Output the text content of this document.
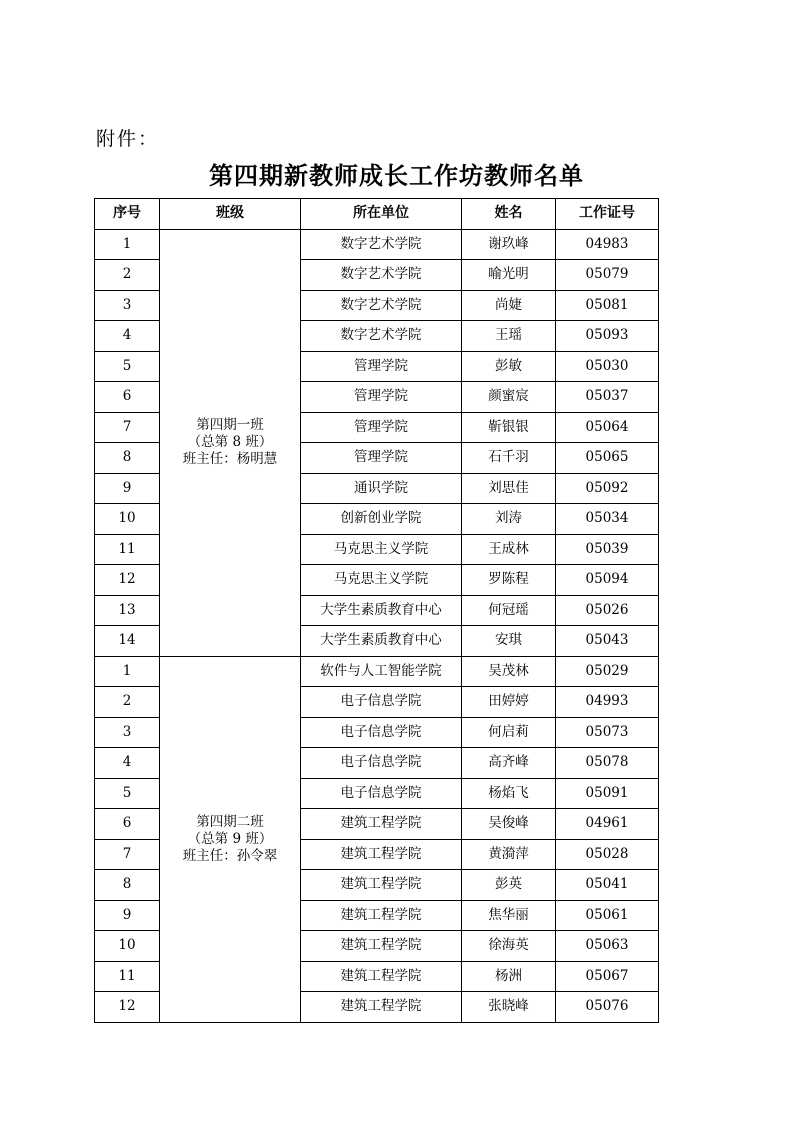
附件：
第四期新教师成长工作坊教师名单
序号	班级	所在单位	姓名	工作证号
1	第四期一班
（总第 8 班）
班主任：杨明慧	数字艺术学院	谢玖峰	04983
2		数字艺术学院	喻光明	05079
3		数字艺术学院	尚婕	05081
4		数字艺术学院	王瑶	05093
5		管理学院	彭敏	05030
6		管理学院	颜蜜宸	05037
7		管理学院	靳银银	05064
8		管理学院	石千羽	05065
9		通识学院	刘思佳	05092
10		创新创业学院	刘涛	05034
11		马克思主义学院	王成林	05039
12		马克思主义学院	罗陈程	05094
13		大学生素质教育中心	何冠瑶	05026
14		大学生素质教育中心	安琪	05043
1	第四期二班
（总第 9 班）
班主任：孙令翠	软件与人工智能学院	吴茂林	05029
2		电子信息学院	田婷婷	04993
3		电子信息学院	何启莉	05073
4		电子信息学院	高齐峰	05078
5		电子信息学院	杨焰飞	05091
6		建筑工程学院	吴俊峰	04961
7		建筑工程学院	黄漪萍	05028
8		建筑工程学院	彭英	05041
9		建筑工程学院	焦华丽	05061
10		建筑工程学院	徐海英	05063
11		建筑工程学院	杨洲	05067
12		建筑工程学院	张晓峰	05076
